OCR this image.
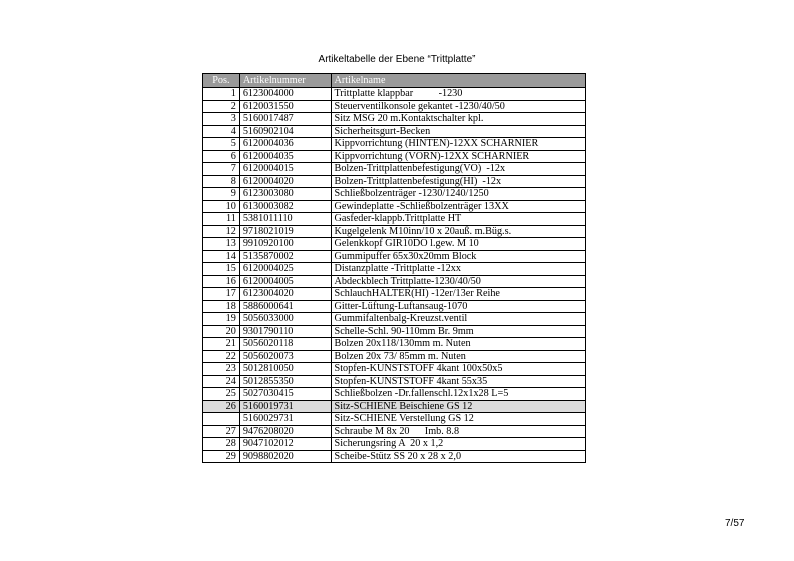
Artikeltabelle der Ebene “Trittplatte”
Pos.	Artikelnummer	Artikelname
1	6123004000	Trittplatte klappbar          -1230
2	6120031550	Steuerventilkonsole gekantet -1230/40/50
3	5160017487	Sitz MSG 20 m.Kontaktschalter kpl.
4	5160902104	Sicherheitsgurt-Becken
5	6120004036	Kippvorrichtung (HINTEN)-12XX SCHARNIER
6	6120004035	Kippvorrichtung (VORN)-12XX SCHARNIER
7	6120004015	Bolzen-Trittplattenbefestigung(VO)  -12x
8	6120004020	Bolzen-Trittplattenbefestigung(HI)  -12x
9	6123003080	Schließbolzenträger -1230/1240/1250
10	6130003082	Gewindeplatte -Schließbolzenträger 13XX
11	5381011110	Gasfeder-klappb.Trittplatte HT
12	9718021019	Kugelgelenk M10inn/10 x 20auß. m.Büg.s.
13	9910920100	Gelenkkopf GIR10DO l.gew. M 10
14	5135870002	Gummipuffer 65x30x20mm Block
15	6120004025	Distanzplatte -Trittplatte -12xx
16	6120004005	Abdeckblech Trittplatte-1230/40/50
17	6123004020	SchlauchHALTER(HI) -12er/13er Reihe
18	5886000641	Gitter-Lüftung-Luftansaug-1070
19	5056033000	Gummifaltenbalg-Kreuzst.ventil
20	9301790110	Schelle-Schl. 90-110mm Br. 9mm
21	5056020118	Bolzen 20x118/130mm m. Nuten
22	5056020073	Bolzen 20x 73/ 85mm m. Nuten
23	5012810050	Stopfen-KUNSTSTOFF 4kant 100x50x5
24	5012855350	Stopfen-KUNSTSTOFF 4kant 55x35
25	5027030415	Schließbolzen -Dr.fallenschl.12x1x28 L=5
26	5160019731	Sitz-SCHIENE Beischiene GS 12
	5160029731	Sitz-SCHIENE Verstellung GS 12
27	9476208020	Schraube M 8x 20      Imb. 8.8
28	9047102012	Sicherungsring A  20 x 1,2
29	9098802020	Scheibe-Stütz SS 20 x 28 x 2,0
7/57
